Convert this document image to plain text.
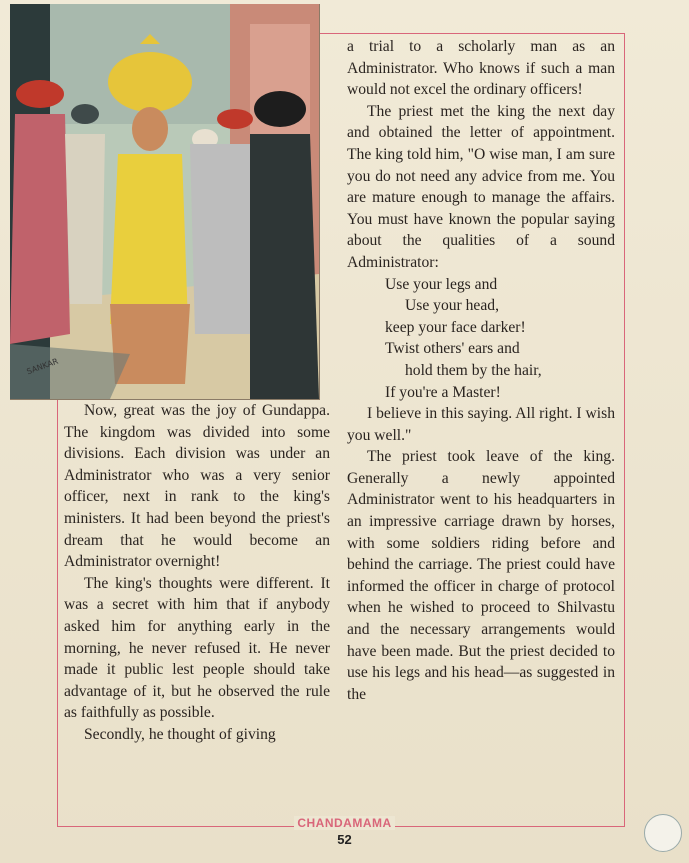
SANKAR

Now, great was the joy of Gundappa. The kingdom was divided into some divisions. Each division was under an Administrator who was a very senior officer, next in rank to the king's ministers. It had been beyond the priest's dream that he would become an Administrator overnight!

The king's thoughts were different. It was a secret with him that if anybody asked him for anything early in the morning, he never refused it. He never made it public lest people should take advantage of it, but he observed the rule as faithfully as possible.

Secondly, he thought of giving

a trial to a scholarly man as an Administrator. Who knows if such a man would not excel the ordinary officers!

The priest met the king the next day and obtained the letter of appointment. The king told him, "O wise man, I am sure you do not need any advice from me. You are mature enough to manage the affairs. You must have known the popular saying about the qualities of a sound Administrator:

Use your legs and
Use your head,
keep your face darker!
Twist others' ears and
hold them by the hair,
If you're a Master!

I believe in this saying. All right. I wish you well."

The priest took leave of the king. Generally a newly appointed Administrator went to his headquarters in an impressive carriage drawn by horses, with some soldiers riding before and behind the carriage. The priest could have informed the officer in charge of protocol when he wished to proceed to Shilvastu and the necessary arrangements would have been made. But the priest decided to use his legs and his head—as suggested in the

CHANDAMAMA
52
